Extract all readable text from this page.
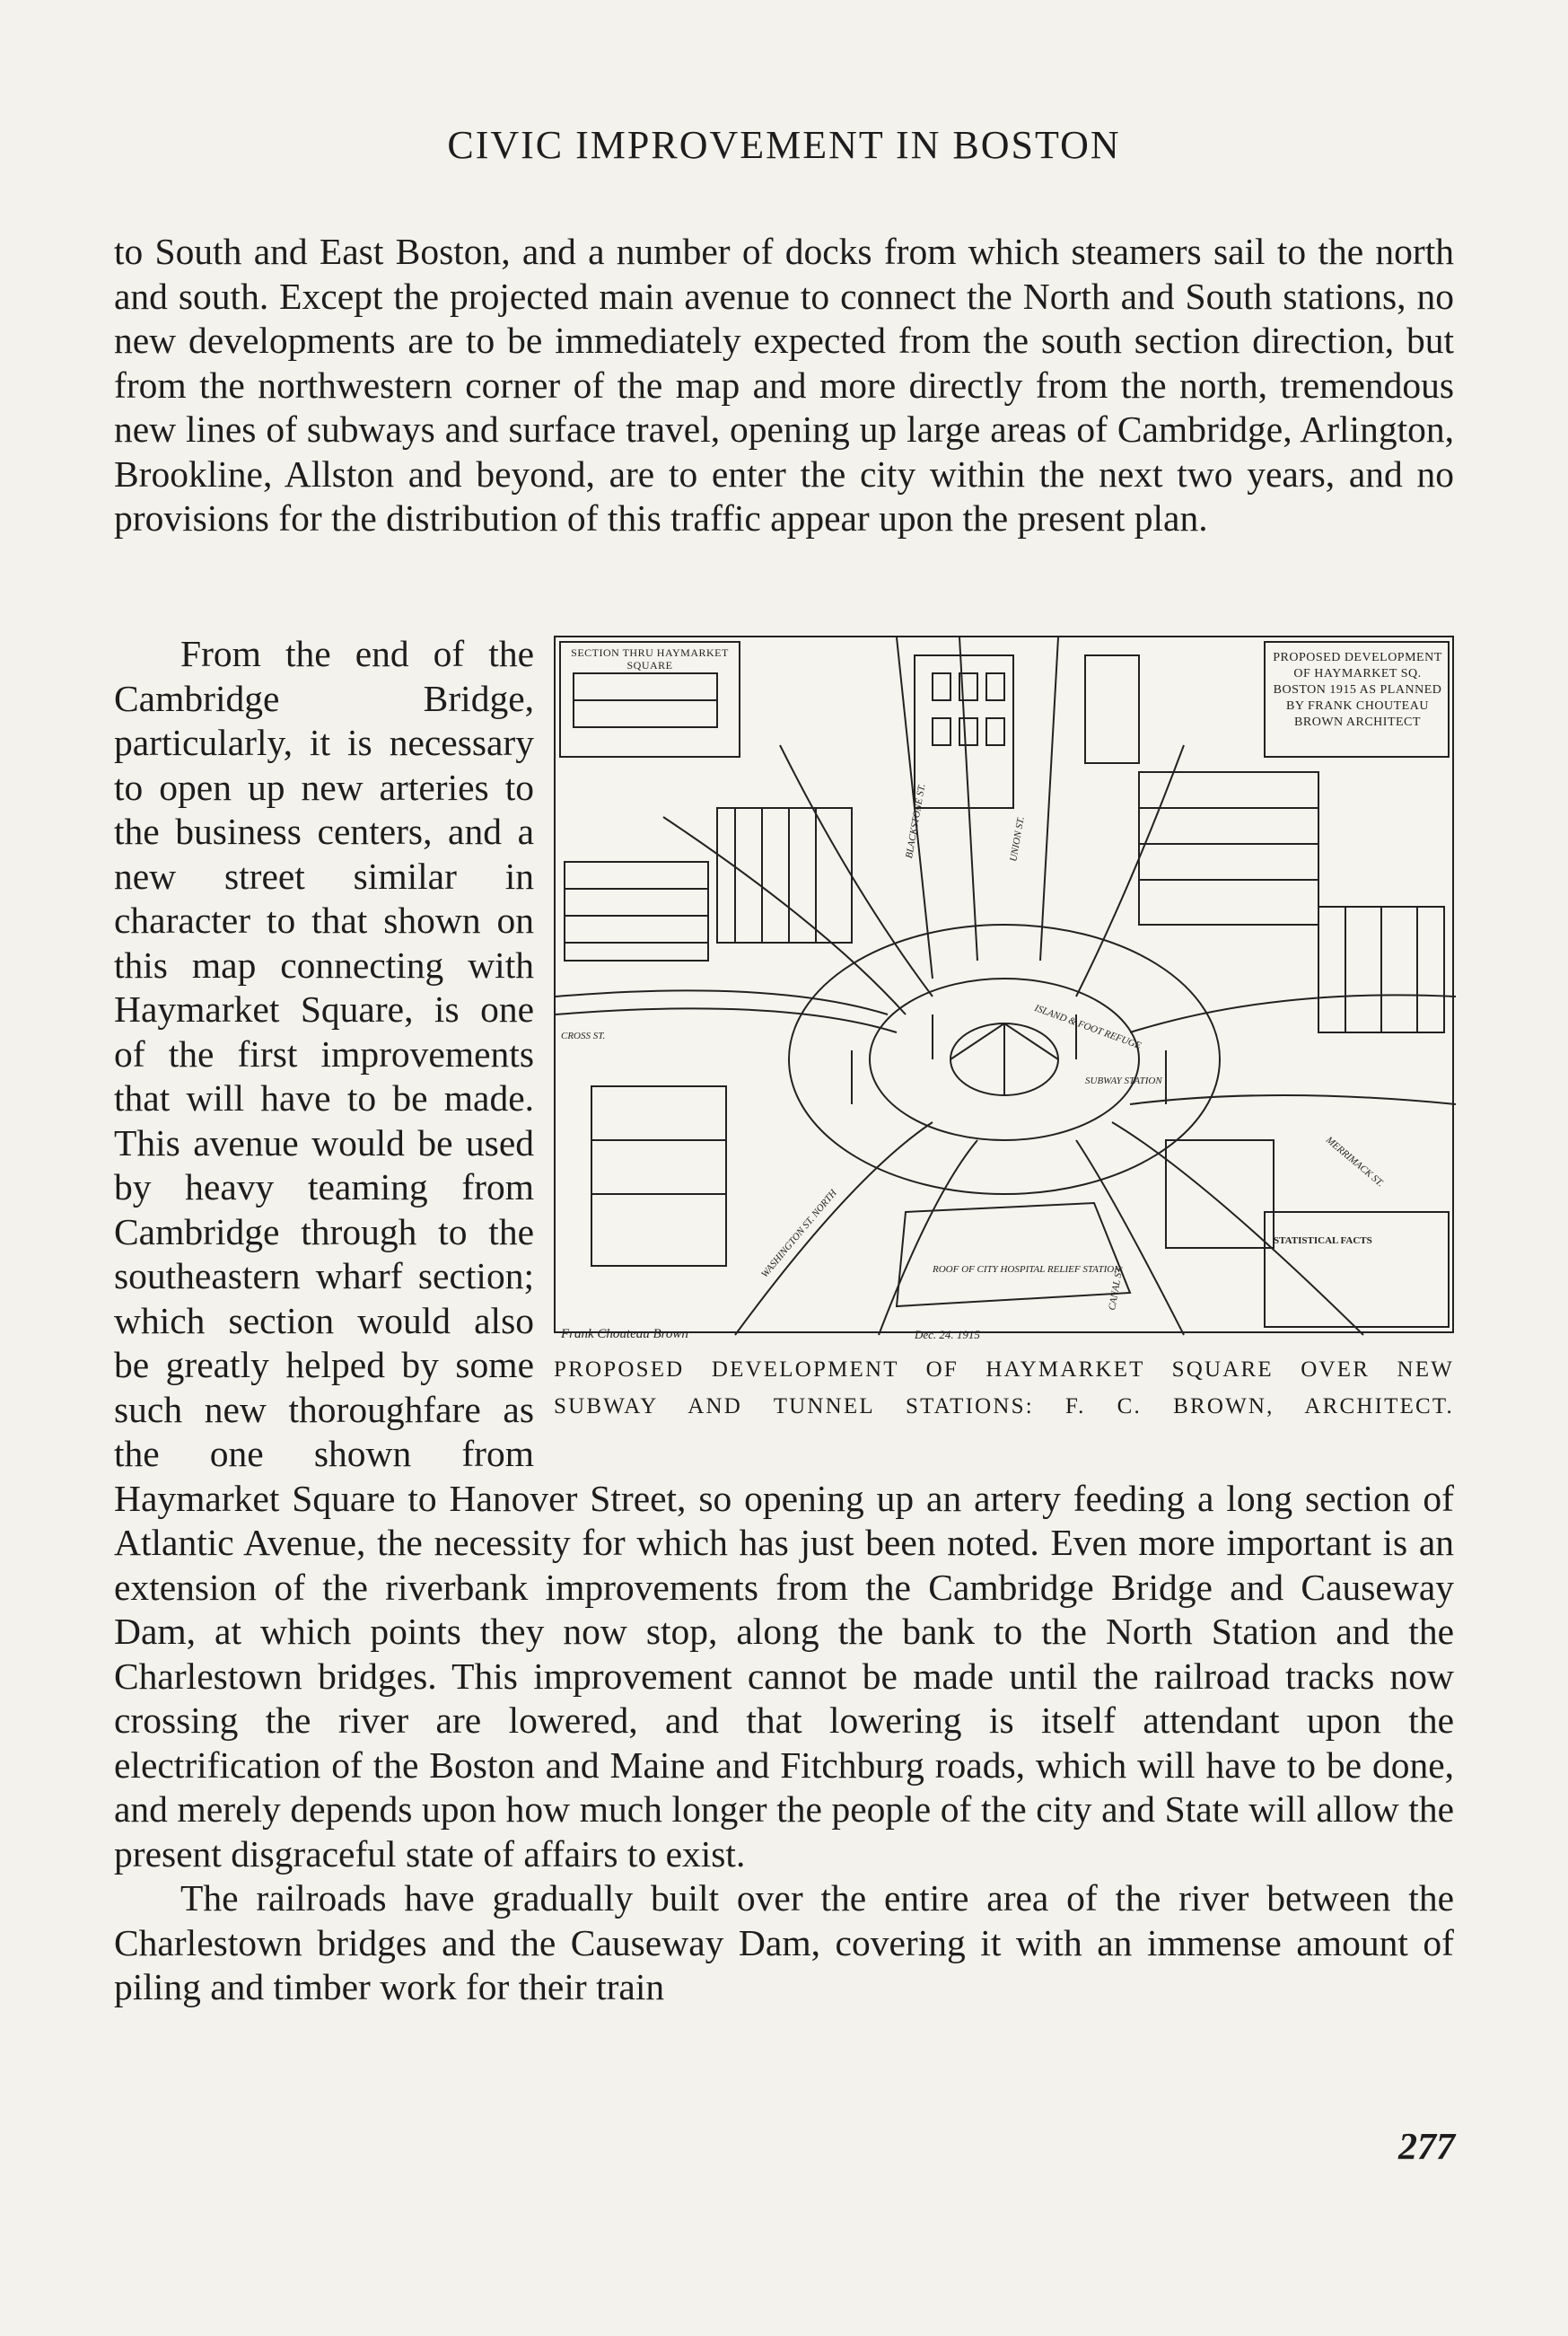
CIVIC IMPROVEMENT IN BOSTON

to South and East Boston, and a number of docks from which steamers sail to the north and south. Except the projected main avenue to connect the North and South stations, no new developments are to be immediately expected from the south section direction, but from the northwestern corner of the map and more directly from the north, tremendous new lines of subways and surface travel, opening up large areas of Cambridge, Arlington, Brookline, Allston and beyond, are to enter the city within the next two years, and no provisions for the distribution of this traffic appear upon the present plan.

SECTION THRU HAYMARKET SQUARE
PROPOSED DEVELOPMENT OF HAYMARKET SQ. BOSTON 1915 AS PLANNED BY FRANK CHOUTEAU BROWN ARCHITECT
CROSS ST.
WASHINGTON ST. NORTH
BLACKSTONE ST.	UNION ST.
MERRIMACK ST.
CANAL ST.
ISLAND & FOOT REFUGE
SUBWAY STATION
ROOF OF CITY HOSPITAL RELIEF STATION
STATISTICAL FACTS
Frank Chouteau Brown	Dec. 24. 1915
PROPOSED DEVELOPMENT OF HAYMARKET SQUARE OVER NEW
SUBWAY AND TUNNEL STATIONS: F. C. BROWN, ARCHITECT.

From the end of the Cambridge Bridge, particularly, it is necessary to open up new arteries to the business centers, and a new street similar in character to that shown on this map connecting with Haymarket Square, is one of the first improvements that will have to be made. This avenue would be used by heavy teaming from Cambridge through to the southeastern wharf section; which section would also be greatly helped by some such new thoroughfare as the one shown from Haymarket Square to Hanover Street, so opening up an artery feeding a long section of Atlantic Avenue, the necessity for which has just been noted. Even more important is an extension of the riverbank improvements from the Cambridge Bridge and Causeway Dam, at which points they now stop, along the bank to the North Station and the Charlestown bridges. This improvement cannot be made until the railroad tracks now crossing the river are lowered, and that lowering is itself attendant upon the electrification of the Boston and Maine and Fitchburg roads, which will have to be done, and merely depends upon how much longer the people of the city and State will allow the present disgraceful state of affairs to exist.

The railroads have gradually built over the entire area of the river between the Charlestown bridges and the Causeway Dam, covering it with an immense amount of piling and timber work for their train

277
